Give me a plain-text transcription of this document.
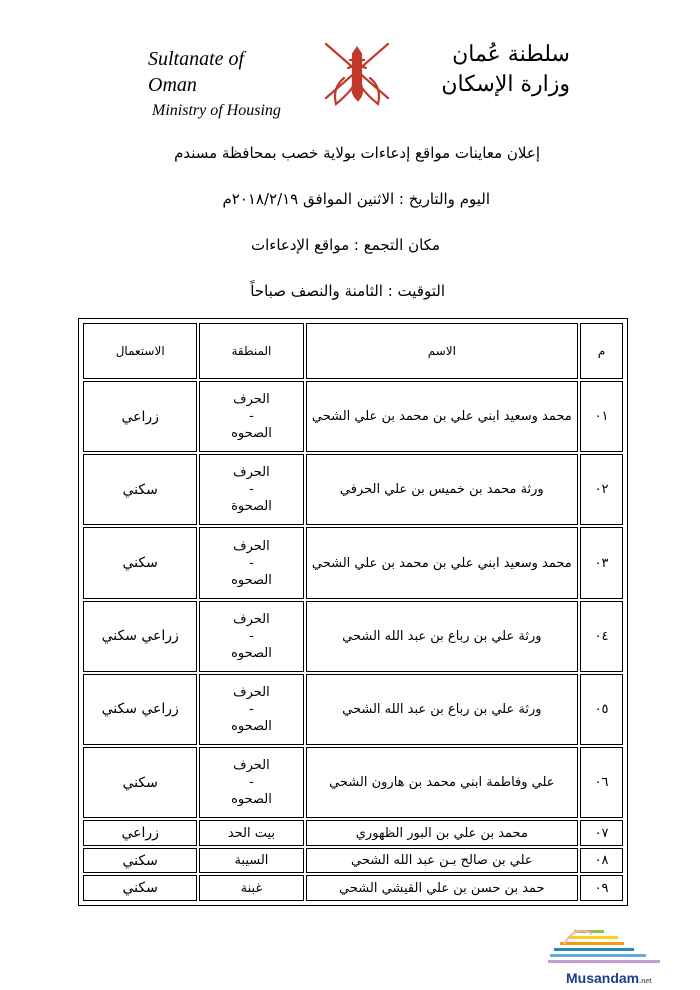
Sultanate of Oman
Ministry of Housing
سلطنة عُمان
وزارة الإسكان
إعلان معاينات مواقع إدعاءات بولاية خصب بمحافظة مسندم
اليوم والتاريخ : الاثنين الموافق ٢٠١٨/٢/١٩م
مكان التجمع : مواقع الإدعاءات
التوقيت : الثامنة والنصف صباحاً
م	الاسم	المنطقة	الاستعمال
٠١	محمد وسعيد ابني علي بن محمد بن علي الشحي	الحرف
-
الصحوه	زراعي
٠٢	ورثة محمد بن خميس بن علي الحرفي	الحرف
-
الصحوة	سكني
٠٣	محمد وسعيد ابني علي بن محمد بن علي الشحي	الحرف
-
الصحوه	سكني
٠٤	ورثة علي بن رباع بن عبد الله الشحي	الحرف
-
الصحوه	زراعي سكني
٠٥	ورثة علي بن رباع بن عبد الله الشحي	الحرف
-
الصحوه	زراعي سكني
٠٦	علي وفاطمة ابني محمد بن هارون الشحي	الحرف
-
الصحوه	سكني
٠٧	محمد بن علي بن البور الظهوري	بيت الحد	زراعي
٠٨	علي بن صالح بـن عبد الله الشحي	السيبة	سكني
٠٩	حمد بن حسن بن علي القيشي الشحي	غبنة	سكني
Musandam.net
